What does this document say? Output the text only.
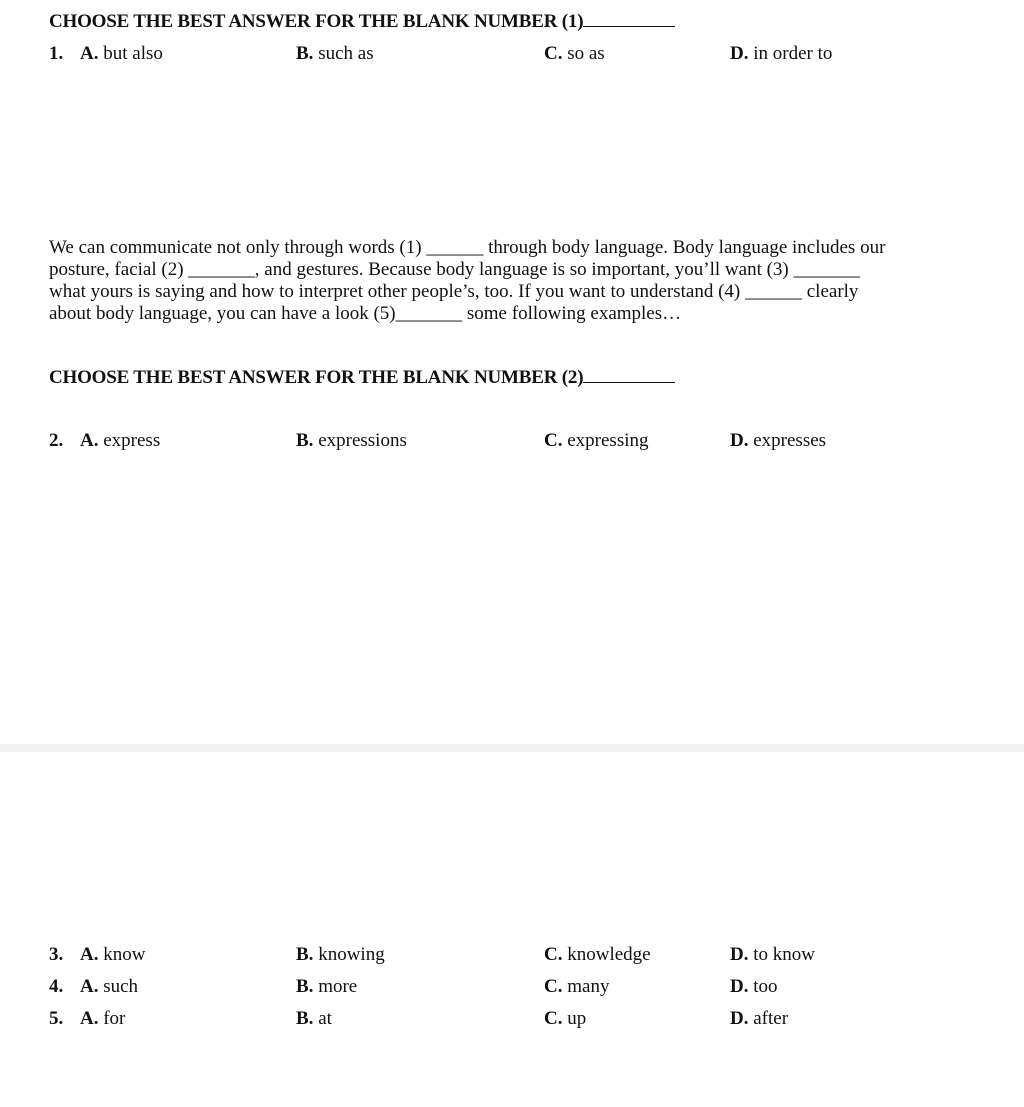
CHOOSE THE BEST ANSWER FOR THE BLANK NUMBER (1)
1. A. but also	B. such as	C. so as	D. in order to
We can communicate not only through words (1) ______ through body language. Body language includes our
posture, facial (2) _______, and gestures. Because body language is so important, you’ll want (3) _______
what yours is saying and how to interpret other people’s, too. If you want to understand (4) ______ clearly
about body language, you can have a look (5)_______ some following examples…
CHOOSE THE BEST ANSWER FOR THE BLANK NUMBER (2)
2. A. express	B. expressions	C. expressing	D. expresses
3. A. know	B. knowing	C. knowledge	D. to know
4. A. such	B. more	C. many	D. too
5. A. for	B. at	C. up	D. after
